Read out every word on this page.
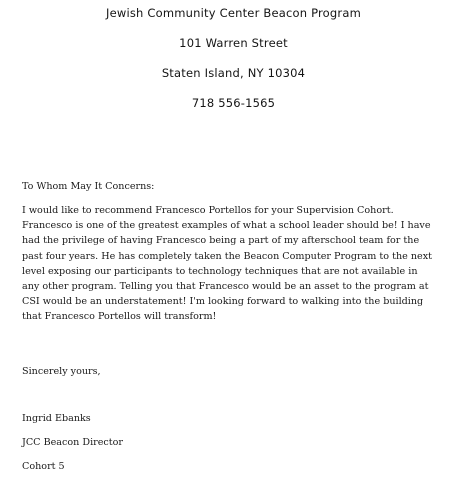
Jewish Community Center Beacon Program
101 Warren Street
Staten Island, NY 10304
718 556-1565
To Whom May It Concerns:
I would like to recommend Francesco Portellos for your Supervision Cohort.
Francesco is one of the greatest examples of what a school leader should be! I have
had the privilege of having Francesco being a part of my afterschool team for the
past four years. He has completely taken the Beacon Computer Program to the next
level exposing our participants to technology techniques that are not available in
any other program. Telling you that Francesco would be an asset to the program at
CSI would be an understatement! I'm looking forward to walking into the building
that Francesco Portellos will transform!
Sincerely yours,
Ingrid Ebanks
JCC Beacon Director
Cohort 5
